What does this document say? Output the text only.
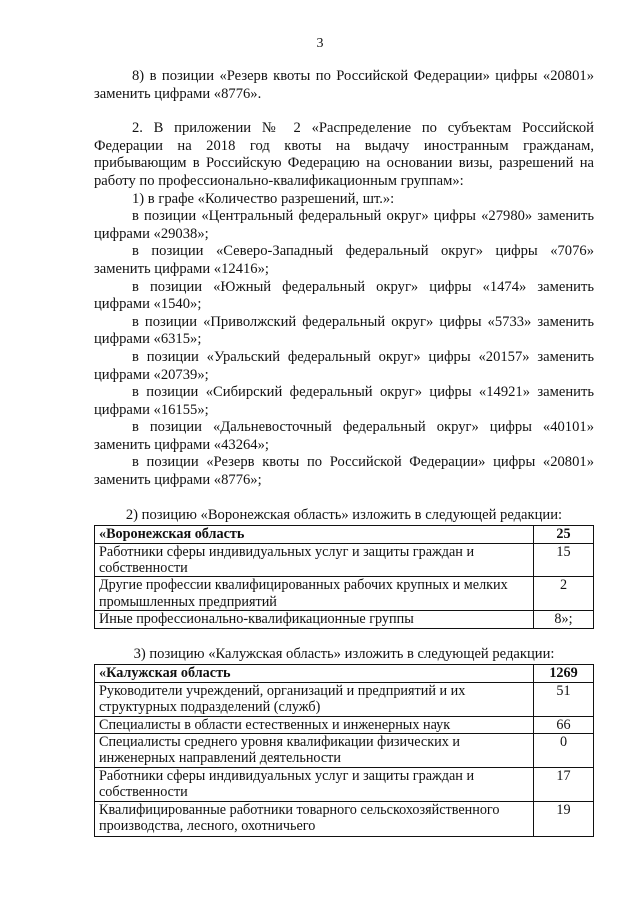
3

8) в позиции «Резерв квоты по Российской Федерации» цифры «20801» заменить цифрами «8776».

2. В приложении № 2 «Распределение по субъектам Российской Федерации на 2018 год квоты на выдачу иностранным гражданам, прибывающим в Российскую Федерацию на основании визы, разрешений на работу по профессионально-квалификационным группам»:

1) в графе «Количество разрешений, шт.»:

в позиции «Центральный федеральный округ» цифры «27980» заменить цифрами «29038»;

в позиции «Северо-Западный федеральный округ» цифры «7076» заменить цифрами «12416»;

в позиции «Южный федеральный округ» цифры «1474» заменить цифрами «1540»;

в позиции «Приволжский федеральный округ» цифры «5733» заменить цифрами «6315»;

в позиции «Уральский федеральный округ» цифры «20157» заменить цифрами «20739»;

в позиции «Сибирский федеральный округ» цифры «14921» заменить цифрами «16155»;

в позиции «Дальневосточный федеральный округ» цифры «40101» заменить цифрами «43264»;

в позиции «Резерв квоты по Российской Федерации» цифры «20801» заменить цифрами «8776»;

2) позицию «Воронежская область» изложить в следующей редакции:

«Воронежская область	25
Работники сферы индивидуальных услуг и защиты граждан и собственности	15
Другие профессии квалифицированных рабочих крупных и мелких промышленных предприятий	2
Иные профессионально-квалификационные группы	8»;

3) позицию «Калужская область» изложить в следующей редакции:

«Калужская область	1269
Руководители учреждений, организаций и предприятий и их структурных подразделений (служб)	51
Специалисты в области естественных и инженерных наук	66
Специалисты среднего уровня квалификации физических и инженерных направлений деятельности	0
Работники сферы индивидуальных услуг и защиты граждан и собственности	17

Квалифицированные работники товарного сельскохозяйственного производства, лесного, охотничьего	19
